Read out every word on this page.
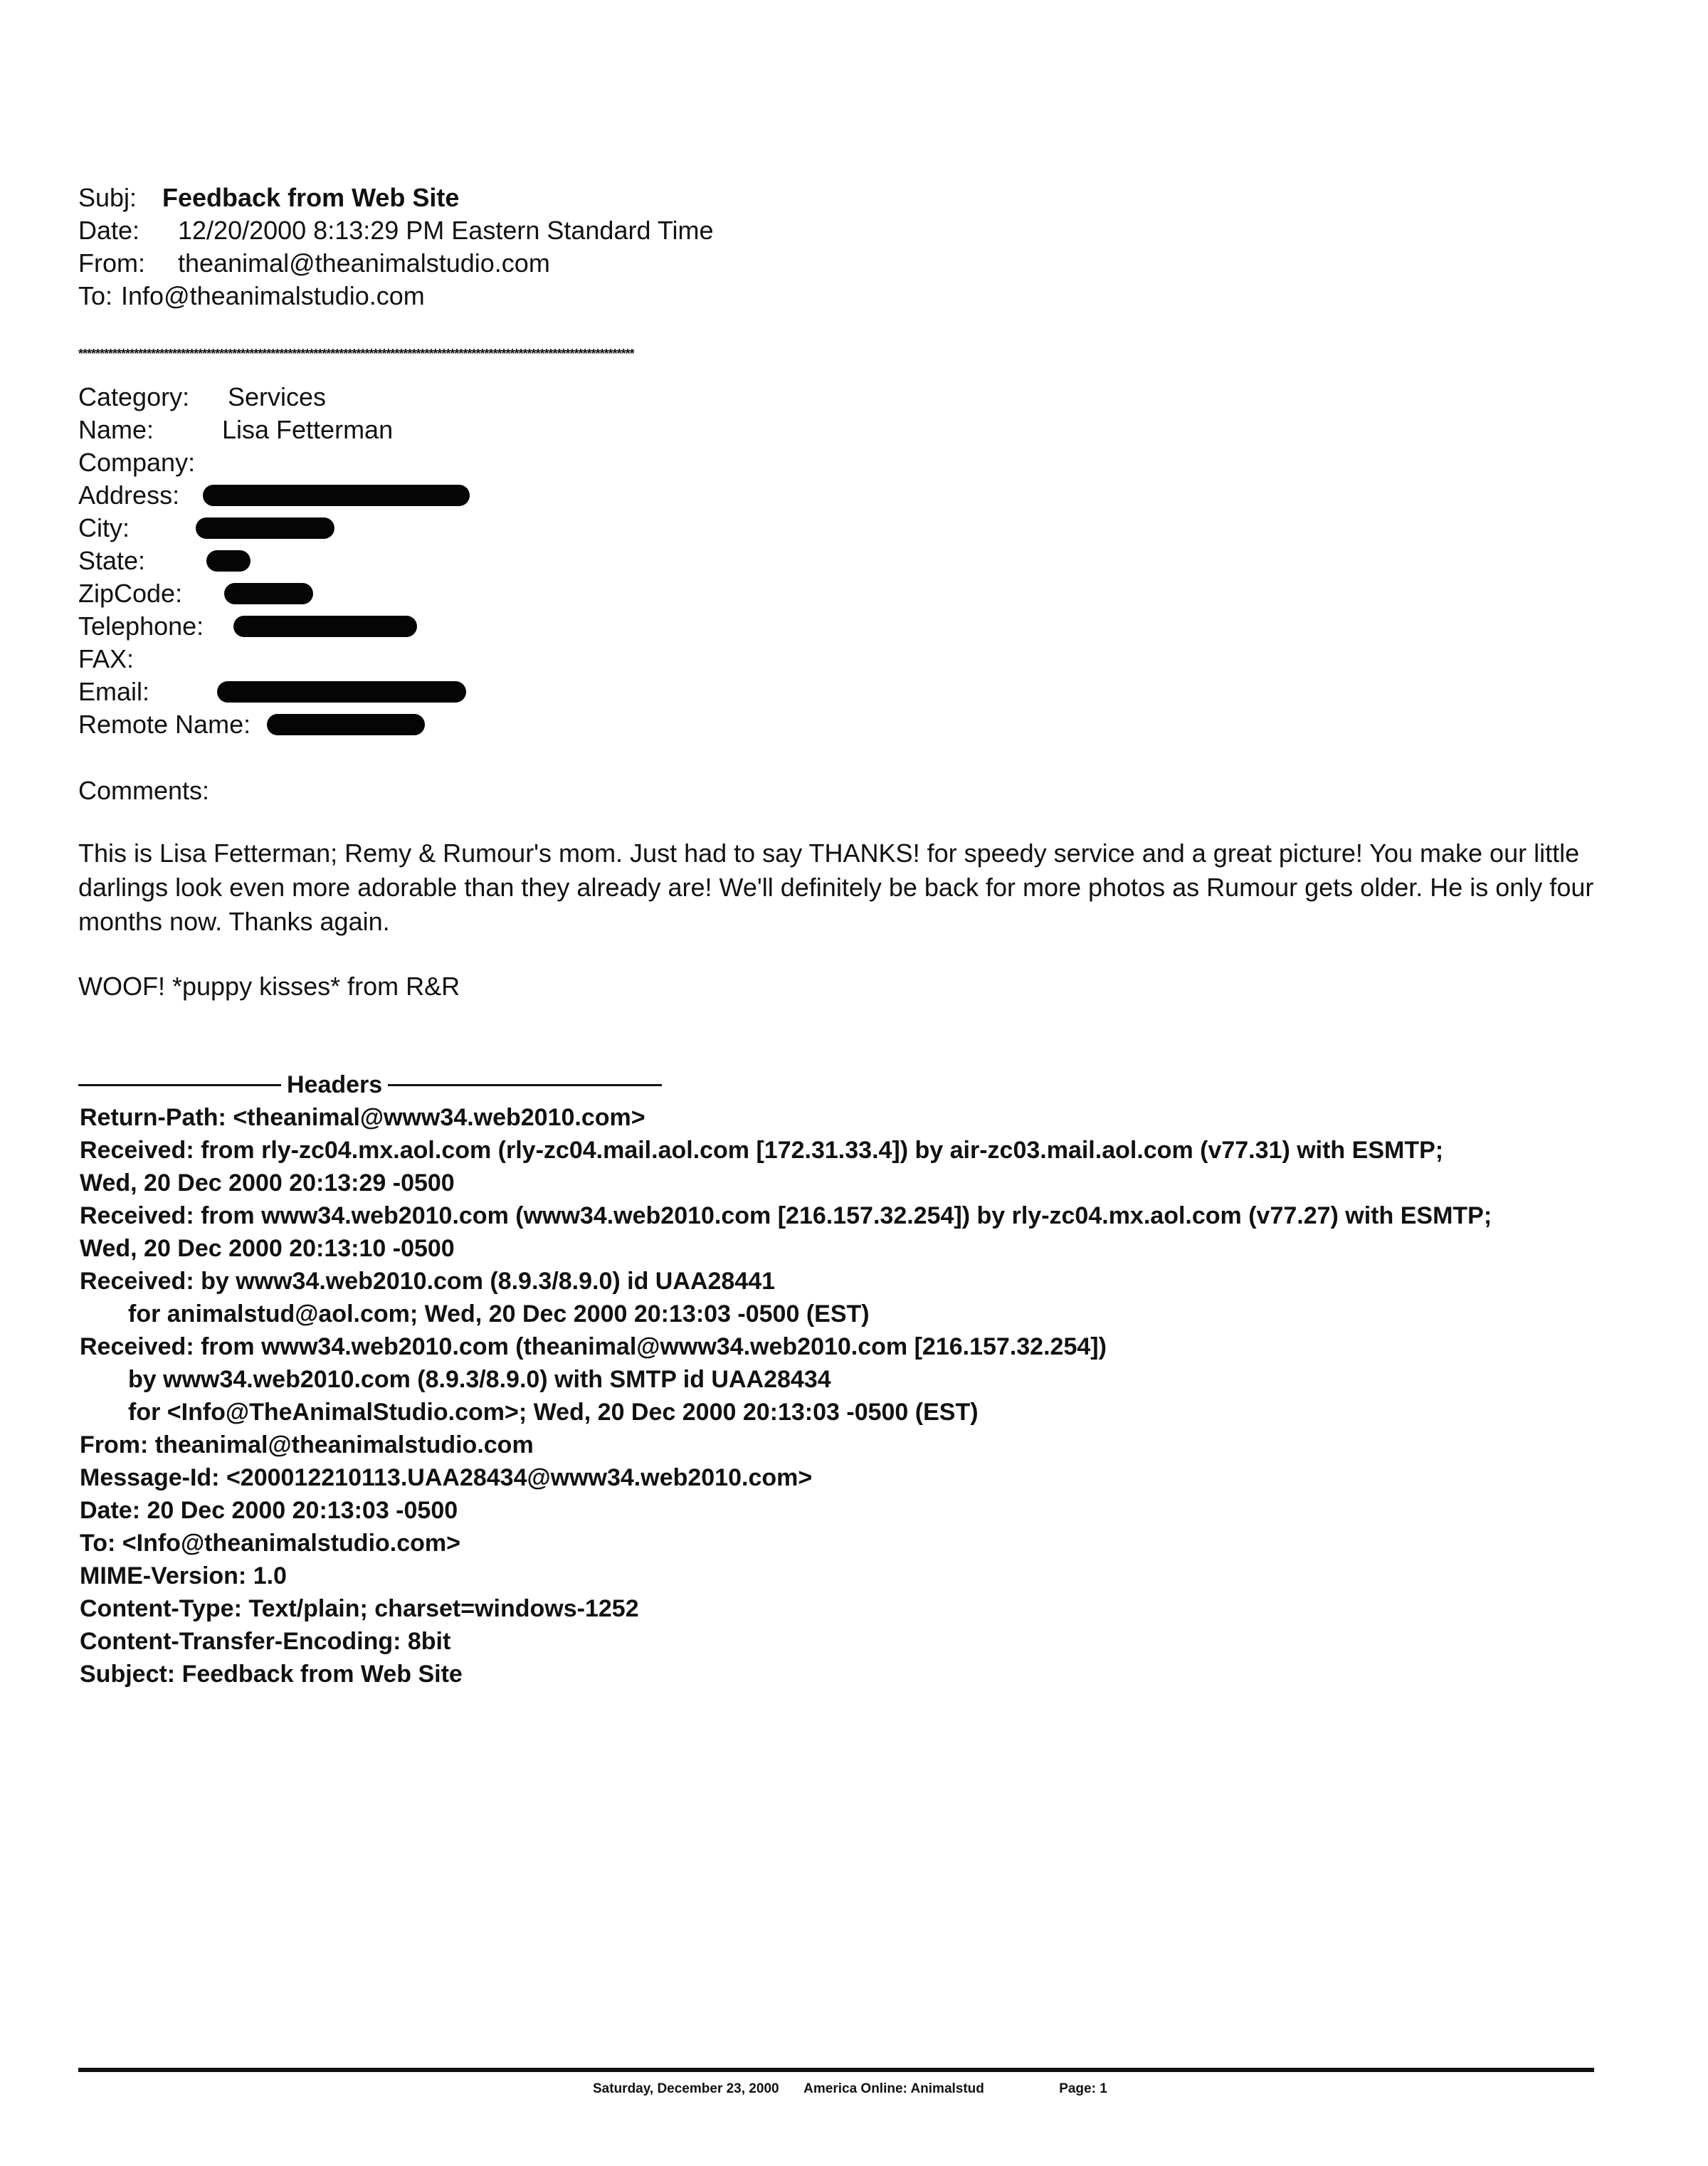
Subj: Feedback from Web Site
Date:	12/20/2000 8:13:29 PM Eastern Standard Time
From:	theanimal@theanimalstudio.com
To: Info@theanimalstudio.com
**********************************************************************************************************************************
Category:	Services
Name:	Lisa Fetterman
Company:
Address:
City:
State:
ZipCode:
Telephone:
FAX:
Email:
Remote Name:
Comments:
This is Lisa Fetterman; Remy & Rumour's mom. Just had to say THANKS! for speedy service and a great picture! You make our little darlings look even more adorable than they already are! We'll definitely be back for more photos as Rumour gets older. He is only four months now. Thanks again.
WOOF! *puppy kisses* from R&R
Headers
Return-Path: <theanimal@www34.web2010.com>
Received: from rly-zc04.mx.aol.com (rly-zc04.mail.aol.com [172.31.33.4]) by air-zc03.mail.aol.com (v77.31) with ESMTP;
Wed, 20 Dec 2000 20:13:29 -0500
Received: from www34.web2010.com (www34.web2010.com [216.157.32.254]) by rly-zc04.mx.aol.com (v77.27) with ESMTP;
Wed, 20 Dec 2000 20:13:10 -0500
Received: by www34.web2010.com (8.9.3/8.9.0) id UAA28441
for animalstud@aol.com; Wed, 20 Dec 2000 20:13:03 -0500 (EST)
Received: from www34.web2010.com (theanimal@www34.web2010.com [216.157.32.254])
by www34.web2010.com (8.9.3/8.9.0) with SMTP id UAA28434
for <Info@TheAnimalStudio.com>; Wed, 20 Dec 2000 20:13:03 -0500 (EST)
From: theanimal@theanimalstudio.com
Message-Id: <200012210113.UAA28434@www34.web2010.com>
Date: 20 Dec 2000 20:13:03 -0500
To: <Info@theanimalstudio.com>
MIME-Version: 1.0
Content-Type: Text/plain; charset=windows-1252
Content-Transfer-Encoding: 8bit
Subject: Feedback from Web Site
Saturday, December 23, 2000 America Online: Animalstud	Page: 1
